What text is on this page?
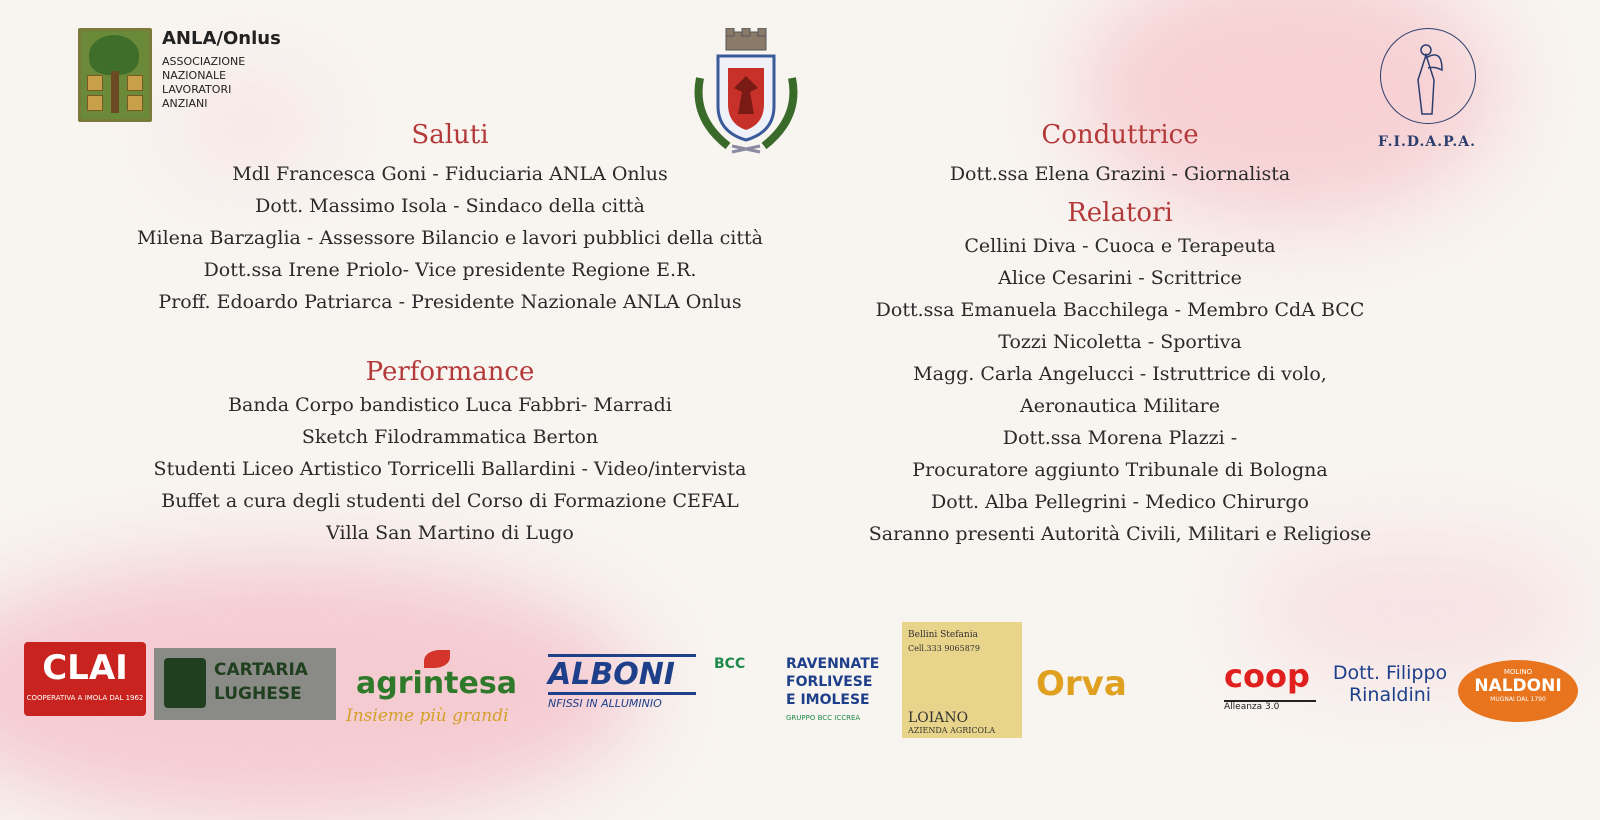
ANLA/Onlus
ASSOCIAZIONE
NAZIONALE
LAVORATORI
ANZIANI
F.I.D.A.P.A.
Saluti
Mdl Francesca Goni - Fiduciaria ANLA Onlus
Dott. Massimo Isola - Sindaco della città
Milena Barzaglia - Assessore Bilancio e lavori pubblici della città
Dott.ssa Irene Priolo- Vice presidente Regione E.R.
Proff. Edoardo Patriarca - Presidente Nazionale ANLA Onlus
Performance
Banda Corpo bandistico Luca Fabbri- Marradi
Sketch Filodrammatica Berton
Studenti Liceo Artistico Torricelli Ballardini - Video/intervista
Buffet a cura degli studenti del Corso di Formazione CEFAL
Villa San Martino di Lugo
Conduttrice
Dott.ssa Elena Grazini - Giornalista
Relatori
Cellini Diva - Cuoca e Terapeuta
Alice Cesarini - Scrittrice
Dott.ssa Emanuela Bacchilega - Membro CdA BCC
Tozzi Nicoletta - Sportiva
Magg. Carla Angelucci - Istruttrice di volo,
Aeronautica Militare
Dott.ssa Morena Plazzi -
Procuratore aggiunto Tribunale di Bologna
Dott. Alba Pellegrini - Medico Chirurgo
Saranno presenti Autorità Civili, Militari e Religiose
CLAI
COOPERATIVA A IMOLA DAL 1962
CARTARIA
LUGHESE agrintesa
Insieme più grandi
ALBONI
NFISSI IN ALLUMINIO
BCC	RAVENNATE
FORLIVESE
E IMOLESE
GRUPPO BCC ICCREA
Bellini Stefania
Cell.333 9065879
LOIANO
AZIENDA AGRICOLA
Orva	coop
Alleanza 3.0
Dott. Filippo
Rinaldini
MOLINO
NALDONI
MUGNAI DAL 1790
